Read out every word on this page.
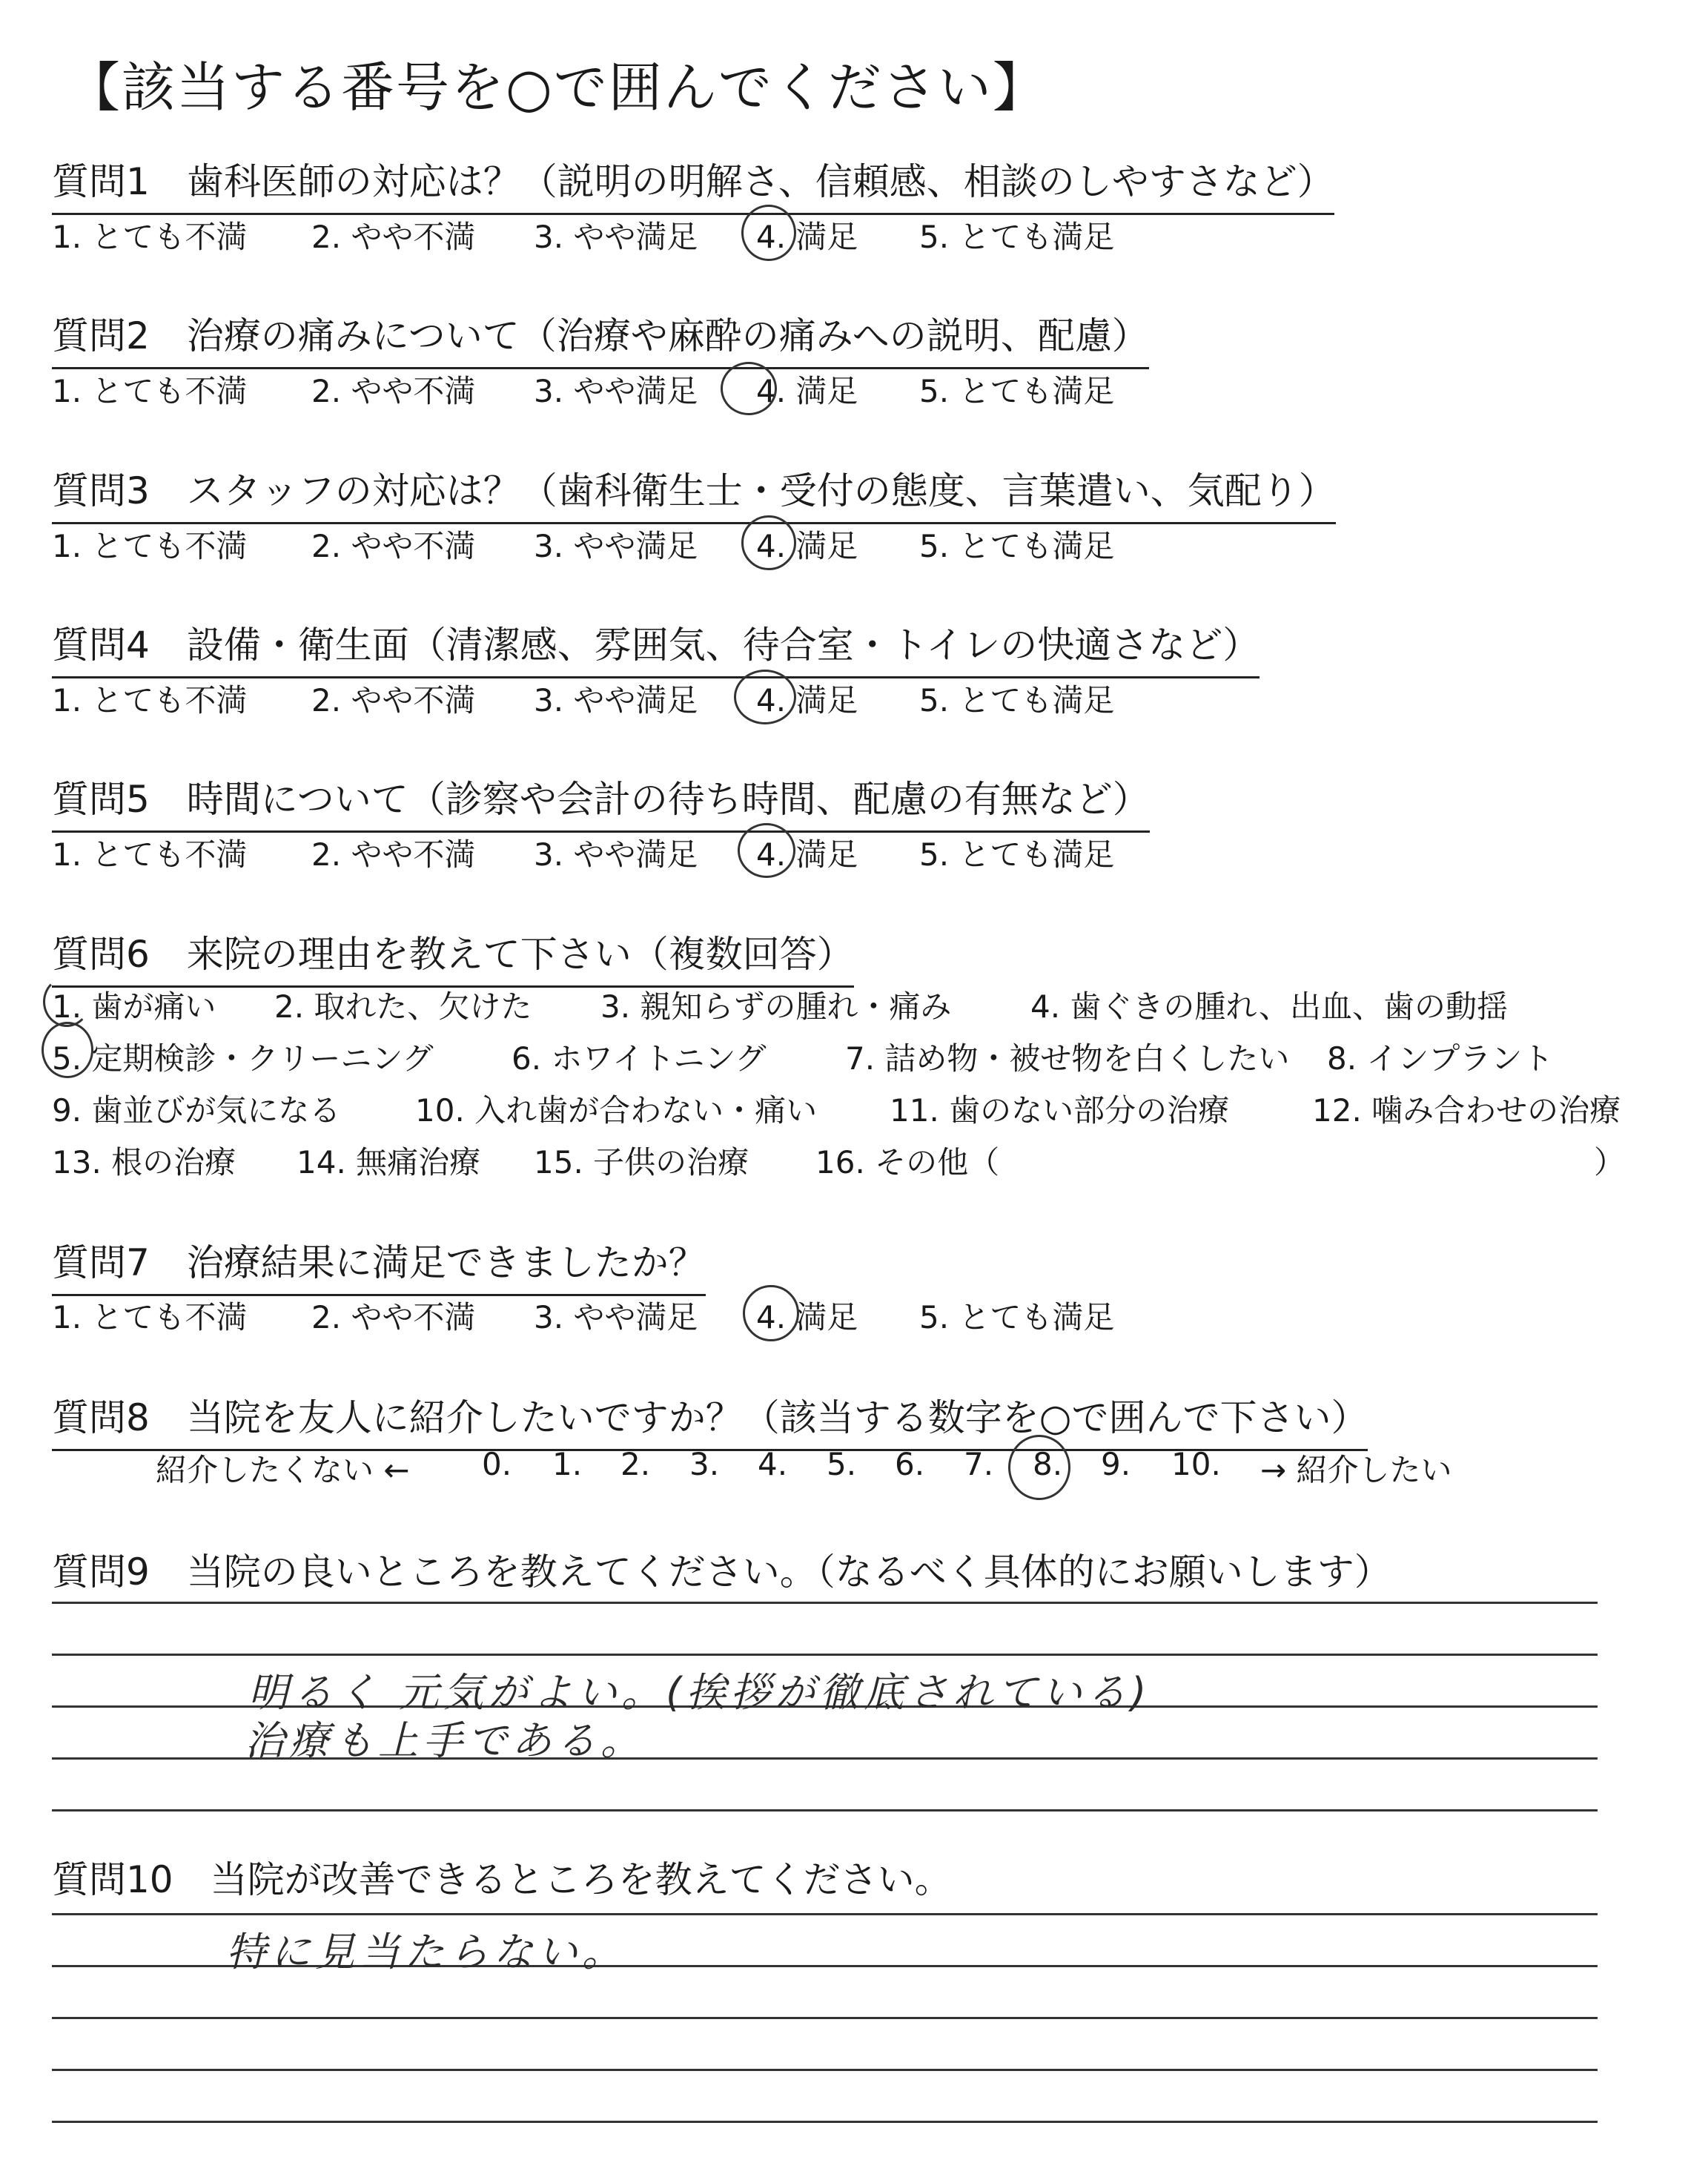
【該当する番号を○で囲んでください】
質問1　歯科医師の対応は？（説明の明解さ、信頼感、相談のしやすさなど）
1. とても不満 2. やや不満 3. やや満足 4. 満足 5. とても満足
質問2　治療の痛みについて（治療や麻酔の痛みへの説明、配慮）
1. とても不満 2. やや不満 3. やや満足 4. 満足 5. とても満足
質問3　スタッフの対応は？（歯科衛生士・受付の態度、言葉遣い、気配り）
1. とても不満 2. やや不満 3. やや満足 4. 満足 5. とても満足
質問4　設備・衛生面（清潔感、雰囲気、待合室・トイレの快適さなど）
1. とても不満 2. やや不満 3. やや満足 4. 満足 5. とても満足
質問5　時間について（診察や会計の待ち時間、配慮の有無など）
1. とても不満 2. やや不満 3. やや満足 4. 満足 5. とても満足
質問6　来院の理由を教えて下さい（複数回答）
1. 歯が痛い 2. 取れた、欠けた 3. 親知らずの腫れ・痛み	4. 歯ぐきの腫れ、出血、歯の動揺
5. 定期検診・クリーニング	6. ホワイトニング	7. 詰め物・被せ物を白くしたい 8. インプラント
9. 歯並びが気になる 10. 入れ歯が合わない・痛い 11. 歯のない部分の治療	12. 噛み合わせの治療
13. 根の治療 14. 無痛治療 15. 子供の治療 16. その他（	）
質問7　治療結果に満足できましたか？
1. とても不満 2. やや不満 3. やや満足 4. 満足 5. とても満足
質問8　当院を友人に紹介したいですか？（該当する数字を○で囲んで下さい）
紹介したくない ← 0. 1. 2. 3. 4. 5. 6. 7. 8. 9. 10. → 紹介したい
質問9　当院の良いところを教えてください。（なるべく具体的にお願いします）
明るく 元気がよい。(挨拶が徹底されている)
治療も上手である。
質問10　当院が改善できるところを教えてください。
特に見当たらない。
